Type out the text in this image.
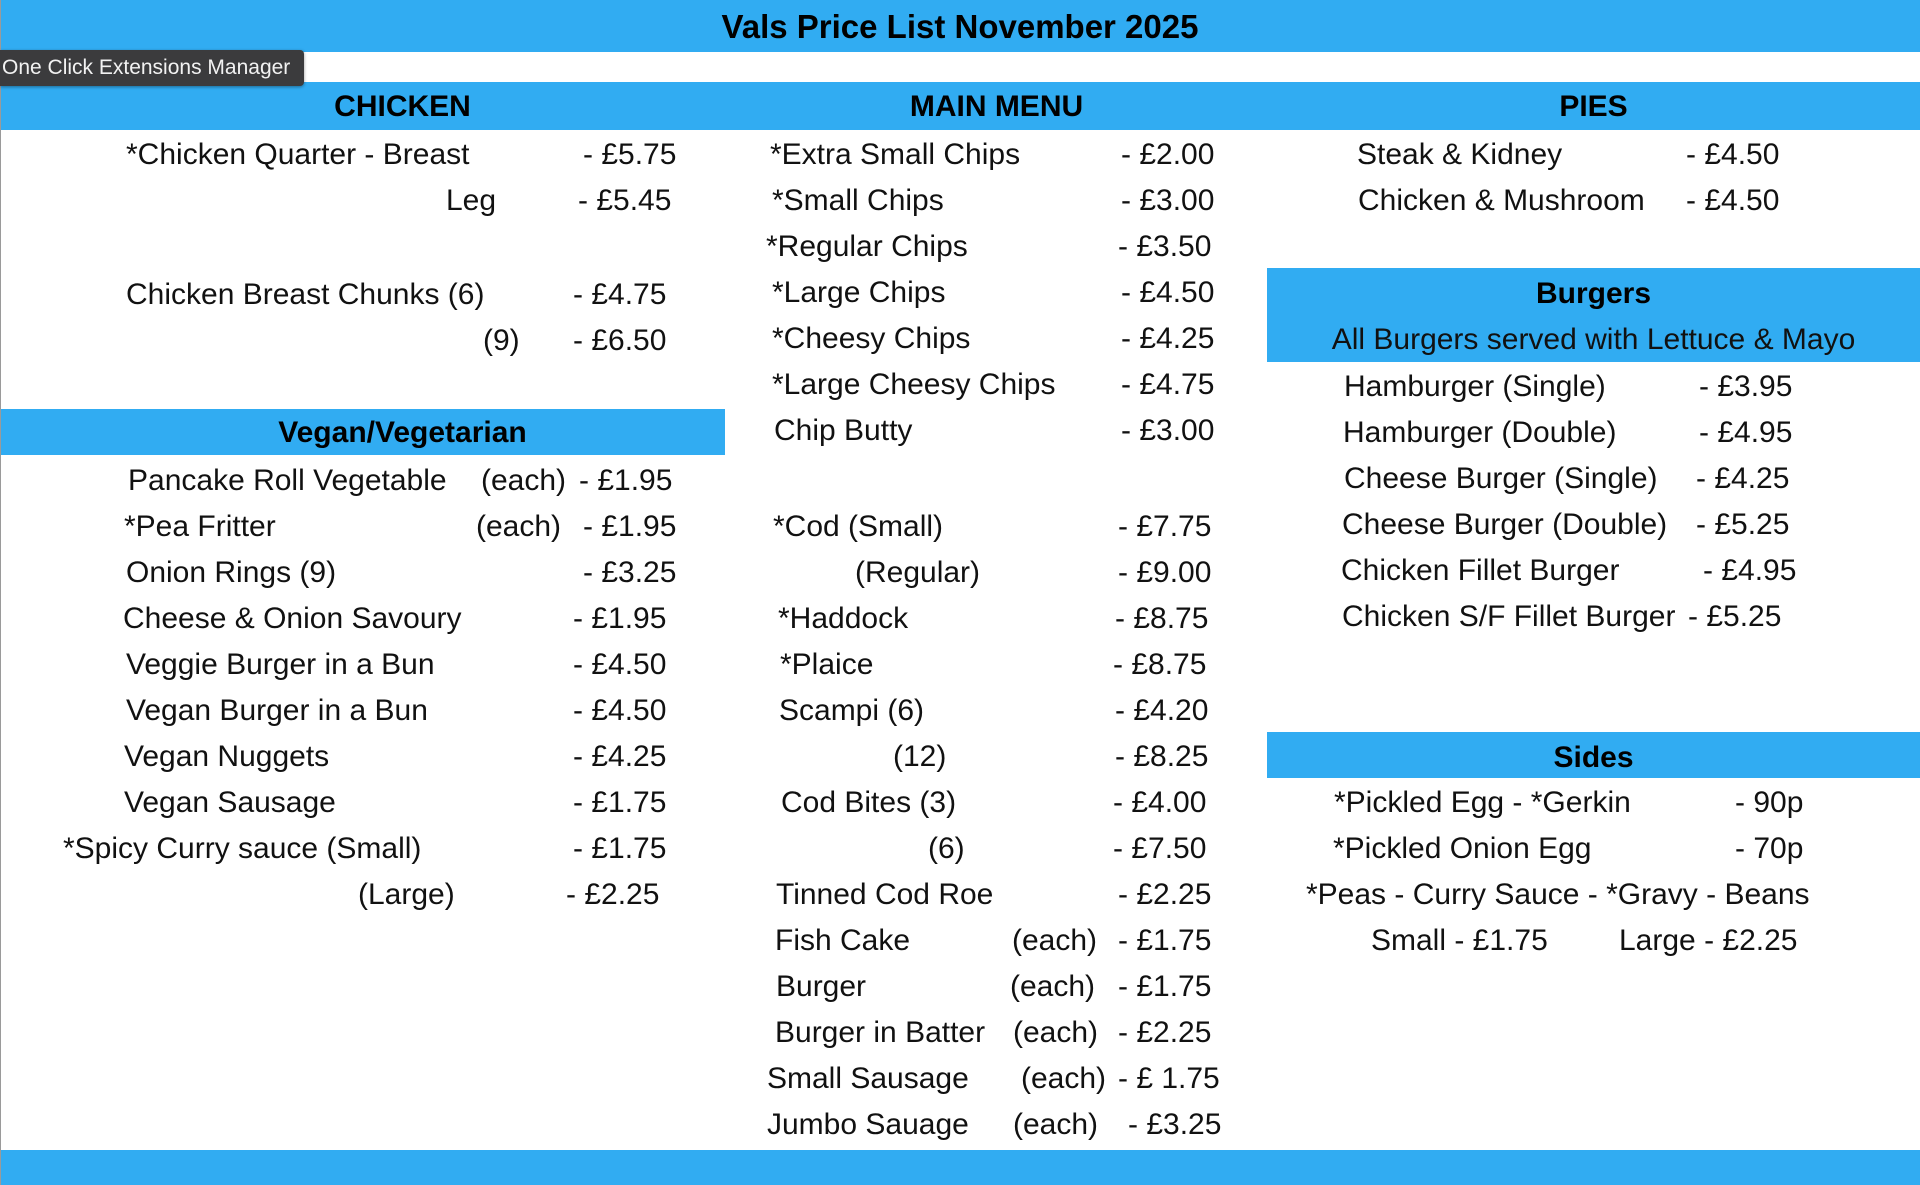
Vals Price List November 2025
One Click Extensions Manager
CHICKEN	MAIN MENU	PIES
Vegan/Vegetarian
Burgers
All Burgers served with Lettuce & Mayo
Sides
*Chicken Quarter - Breast	- £5.75
Leg	- £5.45
Chicken Breast Chunks (6)	- £4.75
(9) - £6.50
Pancake Roll Vegetable (each) - £1.95
*Pea Fritter	(each) - £1.95
Onion Rings (9)	- £3.25
Cheese & Onion Savoury	- £1.95
Veggie Burger in a Bun	- £4.50
Vegan Burger in a Bun	- £4.50
Vegan Nuggets	- £4.25
Vegan Sausage	- £1.75
*Spicy Curry sauce (Small)	- £1.75
(Large)	- £2.25
*Extra Small Chips	- £2.00
*Small Chips	- £3.00
*Regular Chips	- £3.50
*Large Chips	- £4.50
*Cheesy Chips	- £4.25
*Large Cheesy Chips - £4.75
Chip Butty	- £3.00
*Cod (Small)	- £7.75
(Regular)	- £9.00
*Haddock	- £8.75
*Plaice	- £8.75
Scampi (6)	- £4.20
(12)	- £8.25
Cod Bites (3)	- £4.00
(6)	- £7.50
Tinned Cod Roe	- £2.25
Fish Cake	(each) - £1.75
Burger	(each) - £1.75
Burger in Batter (each) - £2.25
Small Sausage (each) - £ 1.75
Jumbo Sauage (each) - £3.25
Steak & Kidney	- £4.50
Chicken & Mushroom - £4.50
Hamburger (Single)	- £3.95
Hamburger (Double)	- £4.95
Cheese Burger (Single) - £4.25
Cheese Burger (Double) - £5.25
Chicken Fillet Burger	- £4.95
Chicken S/F Fillet Burger - £5.25
*Pickled Egg - *Gerkin	- 90p
*Pickled Onion Egg	- 70p
*Peas - Curry Sauce - *Gravy - Beans
Small - £1.75 Large - £2.25
